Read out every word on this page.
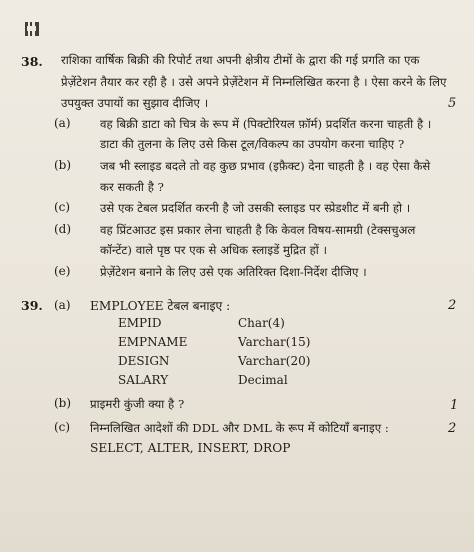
38. राशिका वार्षिक बिक्री की रिपोर्ट तथा अपनी क्षेत्रीय टीमों के द्वारा की गई प्रगति का एक
प्रेज़ेंटेशन तैयार कर रही है । उसे अपने प्रेज़ेंटेशन में निम्नलिखित करना है । ऐसा करने के लिए
उपयुक्त उपायों का सुझाव दीजिए ।	5
(a)	वह बिक्री डाटा को चित्र के रूप में (पिक्टोरियल फ़ॉर्म) प्रदर्शित करना चाहती है ।
डाटा की तुलना के लिए उसे किस टूल/विकल्प का उपयोग करना चाहिए ?
(b) जब भी स्लाइड बदले तो वह कुछ प्रभाव (इफ़ैक्ट) देना चाहती है । वह ऐसा कैसे
कर सकती है ?
(c)	उसे एक टेबल प्रदर्शित करनी है जो उसकी स्लाइड पर स्प्रेडशीट में बनी हो ।
(d) वह प्रिंटआउट इस प्रकार लेना चाहती है कि केवल विषय-सामग्री (टेक्सचुअल
कॉन्टेंट) वाले पृष्ठ पर एक से अधिक स्लाइडें मुद्रित हों ।
(e)	प्रेज़ेंटेशन बनाने के लिए उसे एक अतिरिक्त दिशा-निर्देश दीजिए ।
39. (a) EMPLOYEE टेबल बनाइए :	2
EMPID	Char(4)
EMPNAME	Varchar(15)
DESIGN	Varchar(20)
SALARY	Decimal
(b) प्राइमरी कुंजी क्या है ?	1
(c) निम्नलिखित आदेशों की DDL और DML के रूप में कोटियाँ बनाइए :	2
SELECT, ALTER, INSERT, DROP
